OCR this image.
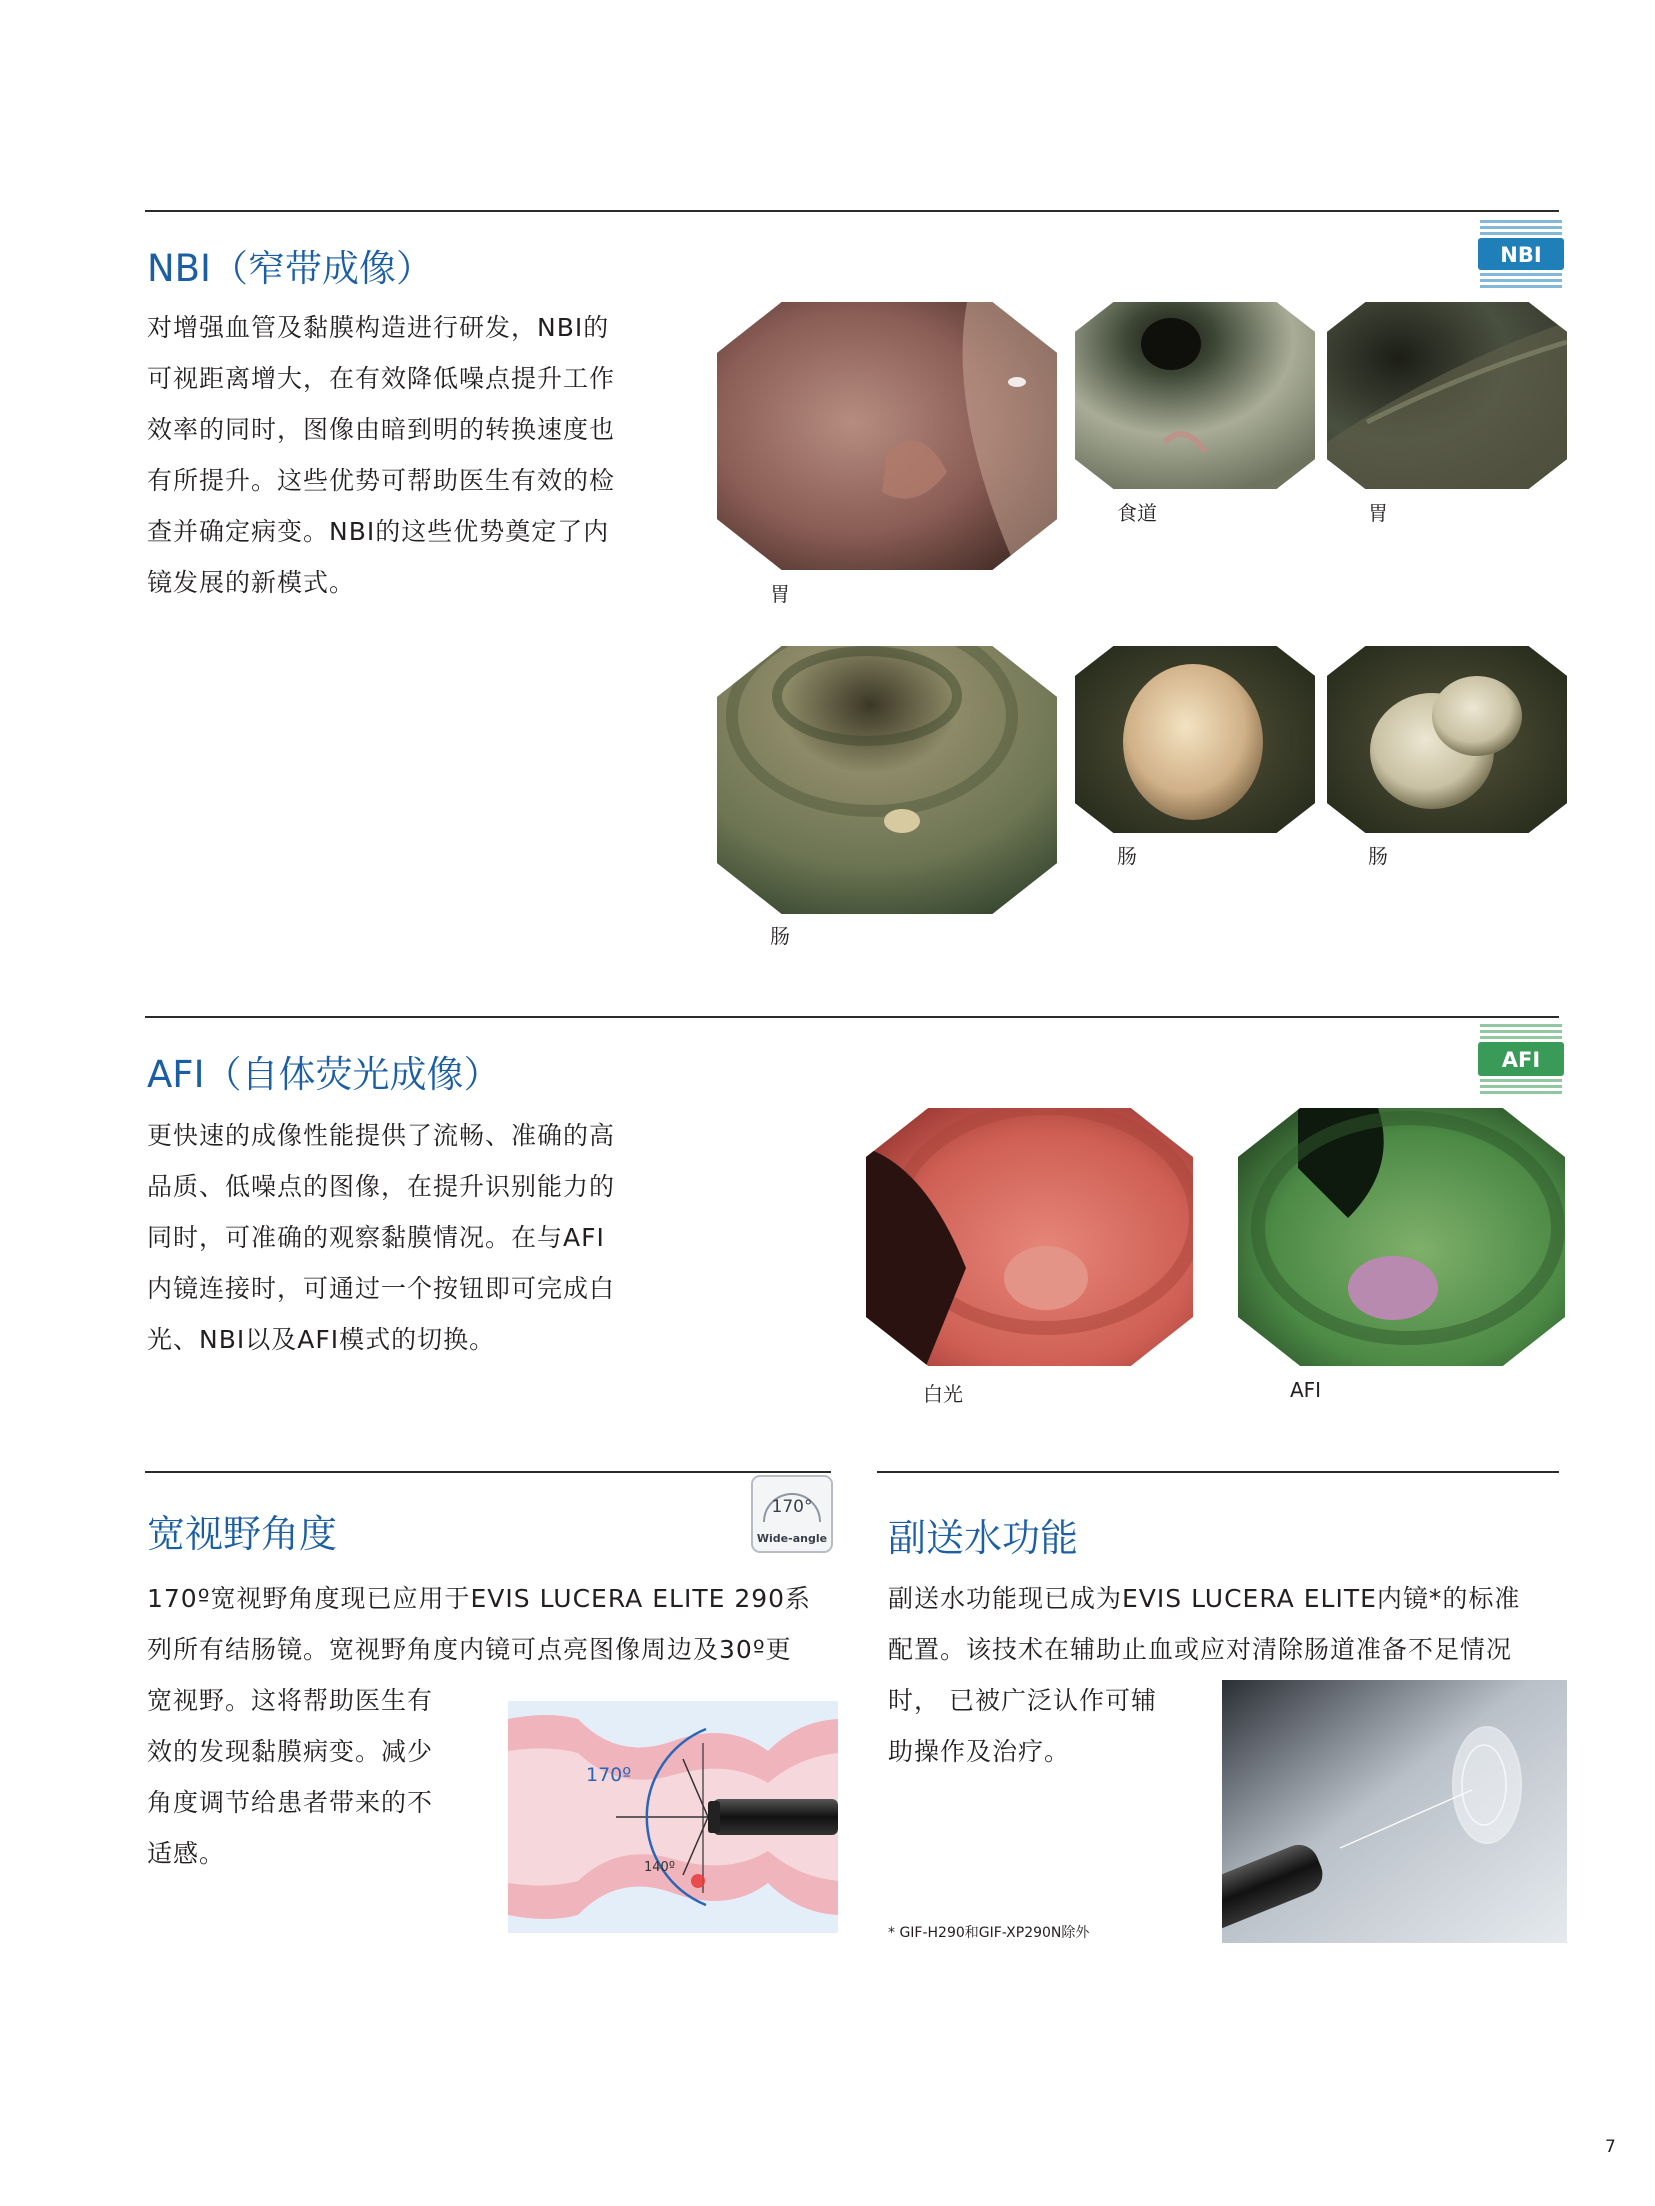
NBI（窄带成像）	NBI

对增强血管及黏膜构造进行研发，NBI的

可视距离增大，在有效降低噪点提升工作

效率的同时，图像由暗到明的转换速度也

有所提升。这些优势可帮助医生有效的检

查并确定病变。NBI的这些优势奠定了内

镜发展的新模式。	胃
食道	胃
肠
肠	肠
AFI（自体荧光成像）	AFI

更快速的成像性能提供了流畅、准确的高

品质、低噪点的图像，在提升识别能力的

同时，可准确的观察黏膜情况。在与AFI

内镜连接时，可通过一个按钮即可完成白

光、NBI以及AFI模式的切换。

白光	AFI
宽视野角度
170°
Wide-angle

170º宽视野角度现已应用于EVIS LUCERA ELITE 290系

列所有结肠镜。宽视野角度内镜可点亮图像周边及30º更

宽视野。这将帮助医生有

效的发现黏膜病变。减少

角度调节给患者带来的不

适感。

170º
140º
副送水功能

副送水功能现已成为EVIS LUCERA ELITE内镜*的标准

配置。该技术在辅助止血或应对清除肠道准备不足情况

时， 已被广泛认作可辅

助操作及治疗。

* GIF-H290和GIF-XP290N除外
7
